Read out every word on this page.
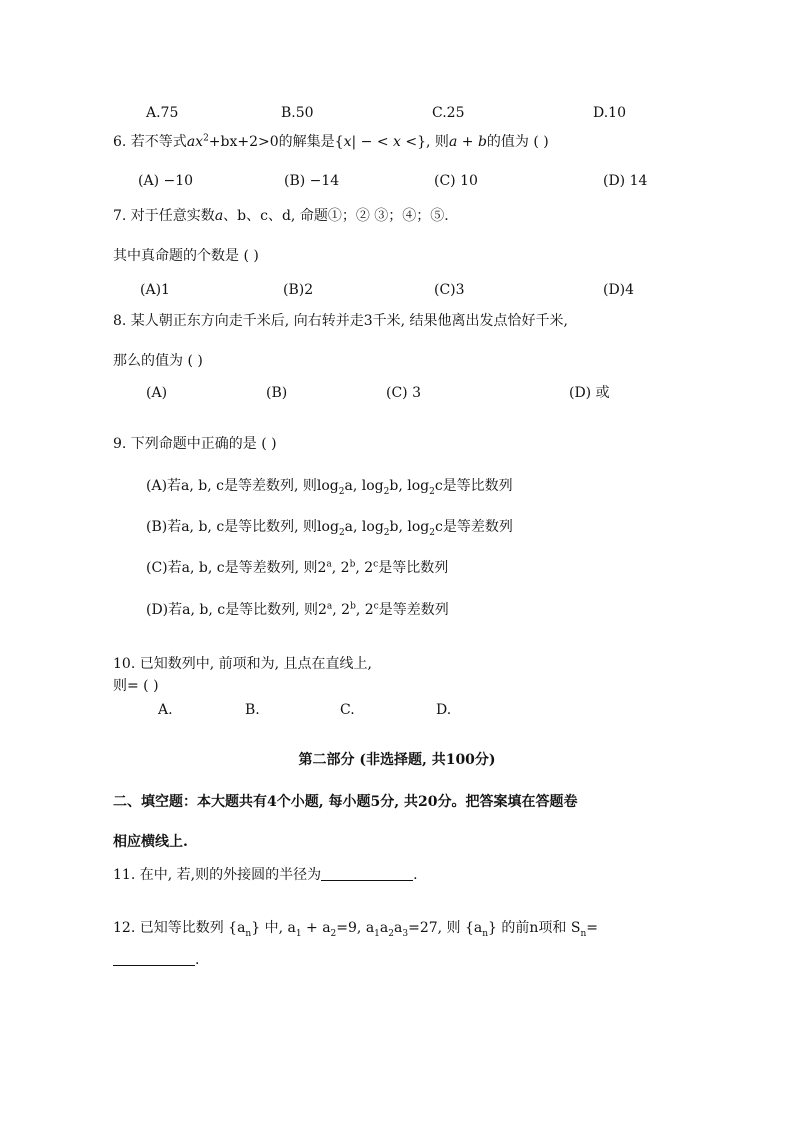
A.75	B.50	C.25	D.10
6. 若不等式$ax^2+bx+2>0$的解集是{x| − < x <}, 则a + b的值为 ( )
(A) −10	(B) −14	(C) 10	(D) 14
7. 对于任意实数a、b、c、d, 命题①；② ③；④；⑤.
其中真命题的个数是 ( )
(A)1	(B)2	(C)3	(D)4
8. 某人朝正东方向走千米后, 向右转并走3千米, 结果他离出发点恰好千米,
那么的值为 ( )
(A)	(B)	(C) 3	(D) 或
9. 下列命题中正确的是 ( )
(A)若a, b, c是等差数列, 则$\log_2a$, $\log_2b$, $\log_2c$是等比数列
(B)若a, b, c是等比数列, 则$\log_2a$, $\log_2b$, $\log_2c$是等差数列
(C)若a, b, c是等差数列, 则2$^a$, 2$^b$, 2$^c$是等比数列
(D)若a, b, c是等比数列, 则2$^a$, 2$^b$, 2$^c$是等差数列
10. 已知数列中, 前项和为, 且点在直线上,
则= ( )
A.	B.	C.	D.
第二部分 (非选择题, 共100分)
二、填空题：本大题共有4个小题, 每小题5分, 共20分。把答案填在答题卷
相应横线上.
11. 在中, 若,则的外接圆的半径为	.
12. 已知等比数列 $\{a_n\}$ 中, $a_1 + a_2=9$, $a_1a_2a_3=27$, 则 $\{a_n\}$ 的前n项和 $S_n=$
.
